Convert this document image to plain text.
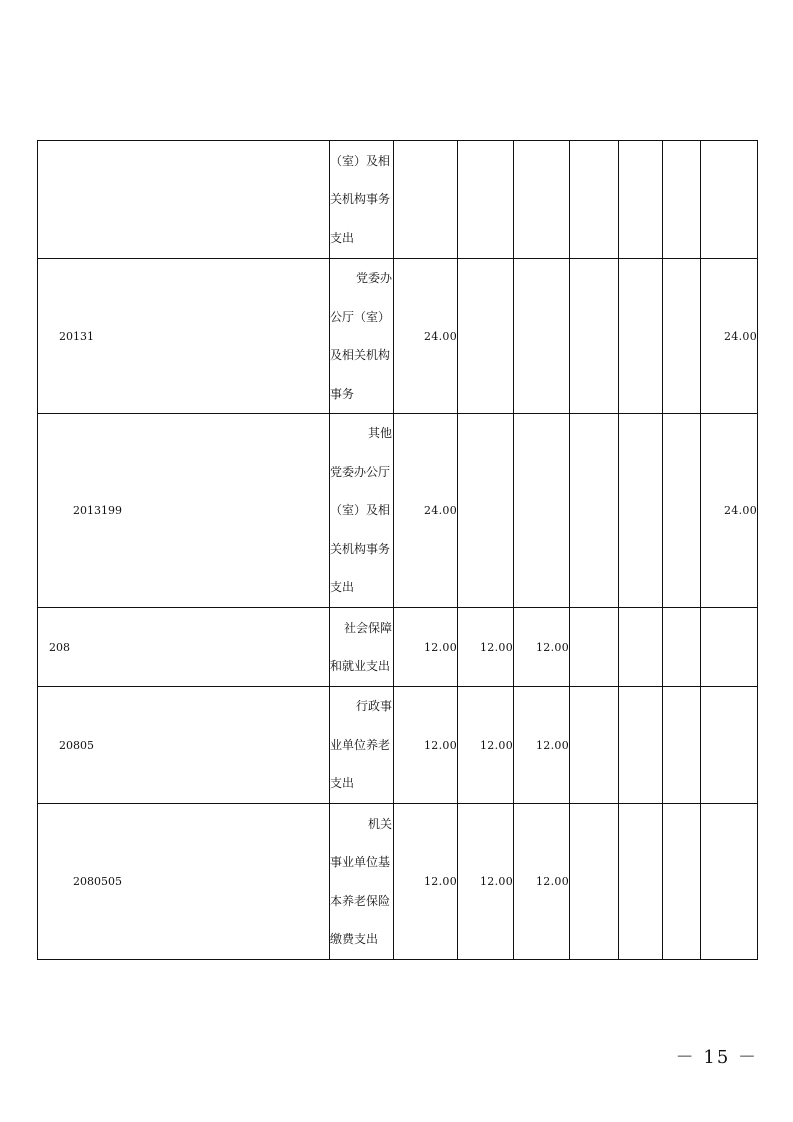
	（室）及相
关机构事务
支出							

20131	党委办
公厅（室）
及相关机构
事务	24.00						24.00
2013199	其他
党委办公厅
（室）及相
关机构事务
支出	24.00						24.00
208	社会保障
和就业支出	12.00	12.00	12.00				
20805	行政事
业单位养老
支出	12.00	12.00	12.00				
2080505	机关
事业单位基
本养老保险
缴费支出	12.00	12.00	12.00				
－ 15 －
